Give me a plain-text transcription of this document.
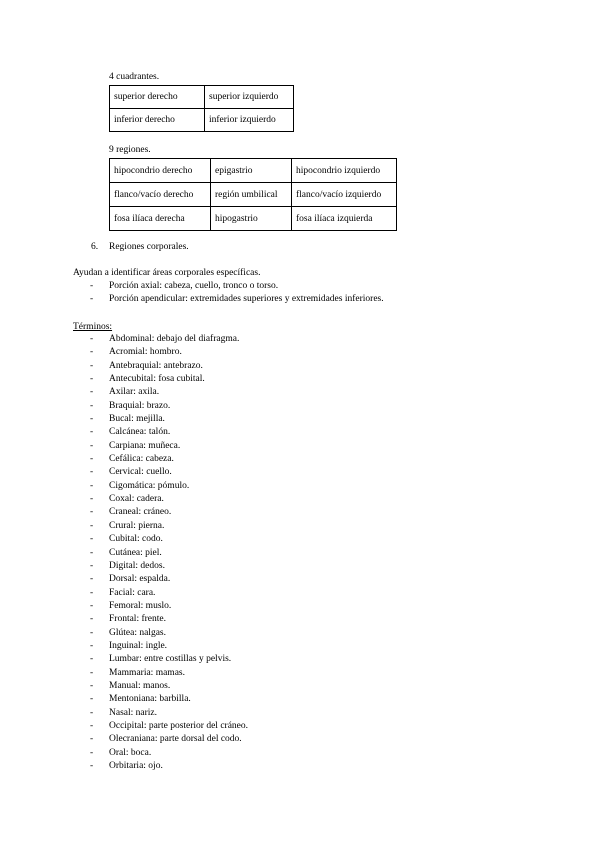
4 cuadrantes.
superior derecho	superior izquierdo
inferior derecho	inferior izquierdo
9 regiones.
hipocondrio derecho	epigastrio	hipocondrio izquierdo
flanco/vacío derecho	región umbilical	flanco/vacío izquierdo
fosa ilíaca derecha	hipogastrio	fosa ilíaca izquierda
6. Regiones corporales.
Ayudan a identificar áreas corporales específicas.
- Porción axial: cabeza, cuello, tronco o torso.
- Porción apendicular: extremidades superiores y extremidades inferiores.
Términos:
- Abdominal: debajo del diafragma.
- Acromial: hombro.
- Antebraquial: antebrazo.
- Antecubital: fosa cubital.
- Axilar: axila.
- Braquial: brazo.
- Bucal: mejilla.
- Calcánea: talón.
- Carpiana: muñeca.
- Cefálica: cabeza.
- Cervical: cuello.
- Cigomática: pómulo.
- Coxal: cadera.
- Craneal: cráneo.
- Crural: pierna.
- Cubital: codo.
- Cutánea: piel.
- Digital: dedos.
- Dorsal: espalda.
- Facial: cara.
- Femoral: muslo.
- Frontal: frente.
- Glútea: nalgas.
- Inguinal: ingle.
- Lumbar: entre costillas y pelvis.
- Mammaria: mamas.
- Manual: manos.
- Mentoniana: barbilla.
- Nasal: nariz.
- Occipital: parte posterior del cráneo.
- Olecraniana: parte dorsal del codo.
- Oral: boca.
- Orbitaria: ojo.
